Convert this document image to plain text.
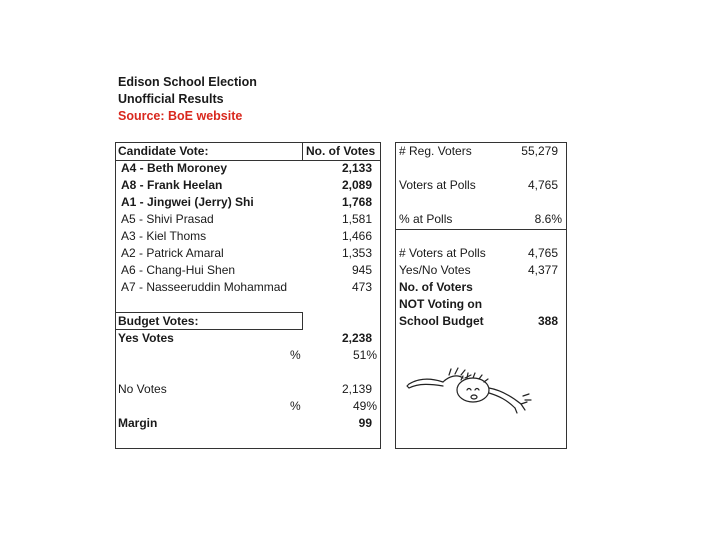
Edison School Election
Unofficial Results
Source: BoE website
Candidate Vote:	No. of Votes
A4 - Beth Moroney	2,133
A8 - Frank Heelan	2,089
A1 - Jingwei (Jerry) Shi	1,768
A5 - Shivi Prasad	1,581
A3 - Kiel Thoms	1,466
A2 - Patrick Amaral	1,353
A6 - Chang-Hui Shen	945
A7 - Nasseeruddin Mohammad	473
Budget Votes:
Yes Votes	2,238
%	51%
No Votes	2,139
%	49%
Margin	99
# Reg. Voters	55,279
Voters at Polls	4,765
% at Polls	8.6%
# Voters at Polls	4,765
Yes/No Votes	4,377
No. of Voters
NOT Voting on
School Budget	388
